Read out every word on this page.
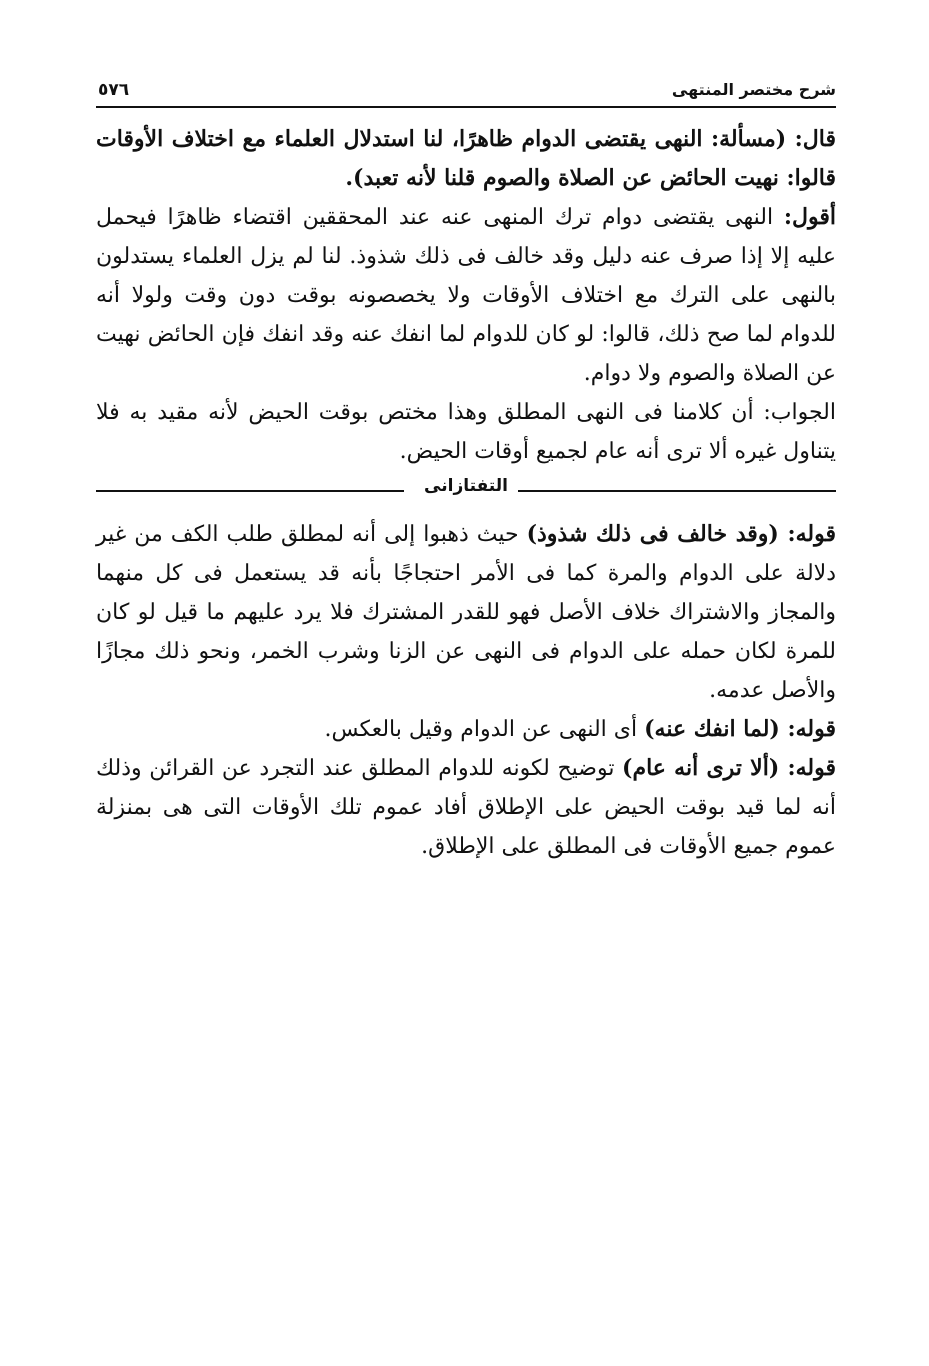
٥٧٦	شرح مختصر المنتهى

قال: (مسألة: النهى يقتضى الدوام ظاهرًا، لنا استدلال العلماء مع اختلاف الأوقات قالوا: نهيت الحائض عن الصلاة والصوم قلنا لأنه تعبد).

أقول: النهى يقتضى دوام ترك المنهى عنه عند المحققين اقتضاء ظاهرًا فيحمل عليه إلا إذا صرف عنه دليل وقد خالف فى ذلك شذوذ. لنا لم يزل العلماء يستدلون بالنهى على الترك مع اختلاف الأوقات ولا يخصصونه بوقت دون وقت ولولا أنه للدوام لما صح ذلك، قالوا: لو كان للدوام لما انفك عنه وقد انفك فإن الحائض نهيت عن الصلاة والصوم ولا دوام.

الجواب: أن كلامنا فى النهى المطلق وهذا مختص بوقت الحيض لأنه مقيد به فلا يتناول غيره ألا ترى أنه عام لجميع أوقات الحيض.

التفتازانى

قوله: (وقد خالف فى ذلك شذوذ) حيث ذهبوا إلى أنه لمطلق طلب الكف من غير دلالة على الدوام والمرة كما فى الأمر احتجاجًا بأنه قد يستعمل فى كل منهما والمجاز والاشتراك خلاف الأصل فهو للقدر المشترك فلا يرد عليهم ما قيل لو كان للمرة لكان حمله على الدوام فى النهى عن الزنا وشرب الخمر، ونحو ذلك مجازًا والأصل عدمه.

قوله: (لما انفك عنه) أى النهى عن الدوام وقيل بالعكس.

قوله: (ألا ترى أنه عام) توضيح لكونه للدوام المطلق عند التجرد عن القرائن وذلك أنه لما قيد بوقت الحيض على الإطلاق أفاد عموم تلك الأوقات التى هى بمنزلة عموم جميع الأوقات فى المطلق على الإطلاق.
